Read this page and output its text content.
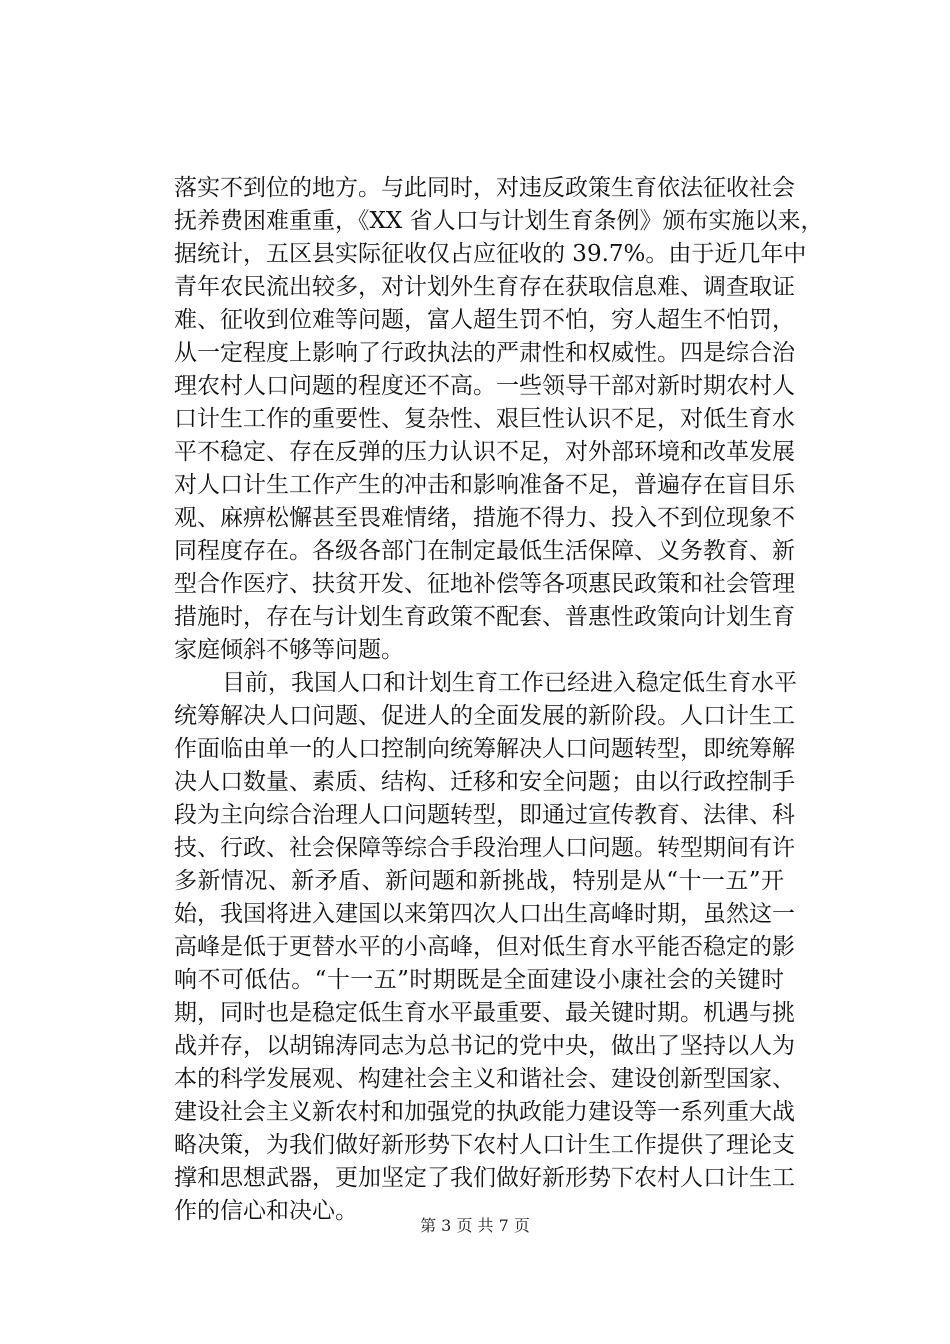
落实不到位的地方。与此同时，对违反政策生育依法征收社会
抚养费困难重重，《XX 省人口与计划生育条例》颁布实施以来，
据统计，五区县实际征收仅占应征收的 39.7%。由于近几年中
青年农民流出较多，对计划外生育存在获取信息难、调查取证
难、征收到位难等问题，富人超生罚不怕，穷人超生不怕罚，
从一定程度上影响了行政执法的严肃性和权威性。四是综合治
理农村人口问题的程度还不高。一些领导干部对新时期农村人
口计生工作的重要性、复杂性、艰巨性认识不足，对低生育水
平不稳定、存在反弹的压力认识不足，对外部环境和改革发展
对人口计生工作产生的冲击和影响准备不足，普遍存在盲目乐
观、麻痹松懈甚至畏难情绪，措施不得力、投入不到位现象不
同程度存在。各级各部门在制定最低生活保障、义务教育、新
型合作医疗、扶贫开发、征地补偿等各项惠民政策和社会管理
措施时，存在与计划生育政策不配套、普惠性政策向计划生育
家庭倾斜不够等问题。
目前，我国人口和计划生育工作已经进入稳定低生育水平
统筹解决人口问题、促进人的全面发展的新阶段。人口计生工
作面临由单一的人口控制向统筹解决人口问题转型，即统筹解
决人口数量、素质、结构、迁移和安全问题；由以行政控制手
段为主向综合治理人口问题转型，即通过宣传教育、法律、科
技、行政、社会保障等综合手段治理人口问题。转型期间有许
多新情况、新矛盾、新问题和新挑战，特别是从“十一五”开
始，我国将进入建国以来第四次人口出生高峰时期，虽然这一
高峰是低于更替水平的小高峰，但对低生育水平能否稳定的影
响不可低估。“十一五”时期既是全面建设小康社会的关键时
期，同时也是稳定低生育水平最重要、最关键时期。机遇与挑
战并存，以胡锦涛同志为总书记的党中央，做出了坚持以人为
本的科学发展观、构建社会主义和谐社会、建设创新型国家、
建设社会主义新农村和加强党的执政能力建设等一系列重大战
略决策，为我们做好新形势下农村人口计生工作提供了理论支
撑和思想武器，更加坚定了我们做好新形势下农村人口计生工
作的信心和决心。
第 3 页 共 7 页
